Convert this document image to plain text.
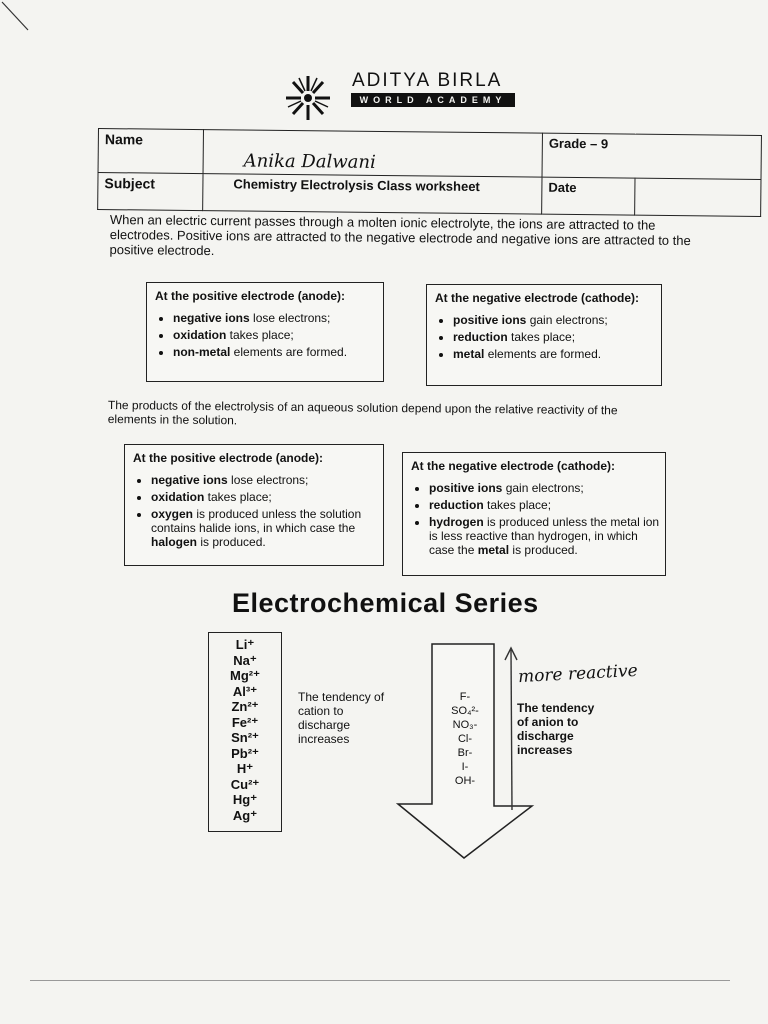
ADITYA BIRLA
WORLD ACADEMY
Name	Anika Dalwani	Grade – 9	
Subject	Chemistry Electrolysis Class worksheet	Date	
When an electric current passes through a molten ionic electrolyte, the ions are attracted to the electrodes. Positive ions are attracted to the negative electrode and negative ions are attracted to the positive electrode.
At the positive electrode (anode):
• negative ions lose electrons;
• oxidation takes place;
• non-metal elements are formed.
At the negative electrode (cathode):
• positive ions gain electrons;
• reduction takes place;
• metal elements are formed.
The products of the electrolysis of an aqueous solution depend upon the relative reactivity of the elements in the solution.
At the positive electrode (anode):
• negative ions lose electrons;
• oxidation takes place;
• oxygen is produced unless the solution contains halide ions, in which case the halogen is produced.
At the negative electrode (cathode):
• positive ions gain electrons;
• reduction takes place;
• hydrogen is produced unless the metal ion is less reactive than hydrogen, in which case the metal is produced.
Electrochemical Series
Li⁺
Na⁺
Mg²⁺
Al³⁺
Zn²⁺
Fe²⁺
Sn²⁺
Pb²⁺
H⁺
Cu²⁺
Hg⁺
Ag⁺
The tendency of cation to discharge increases
F-
SO₄²-
NO₃-
Cl-
Br-
I-
OH-
more reactive
The tendency of anion to discharge increases
